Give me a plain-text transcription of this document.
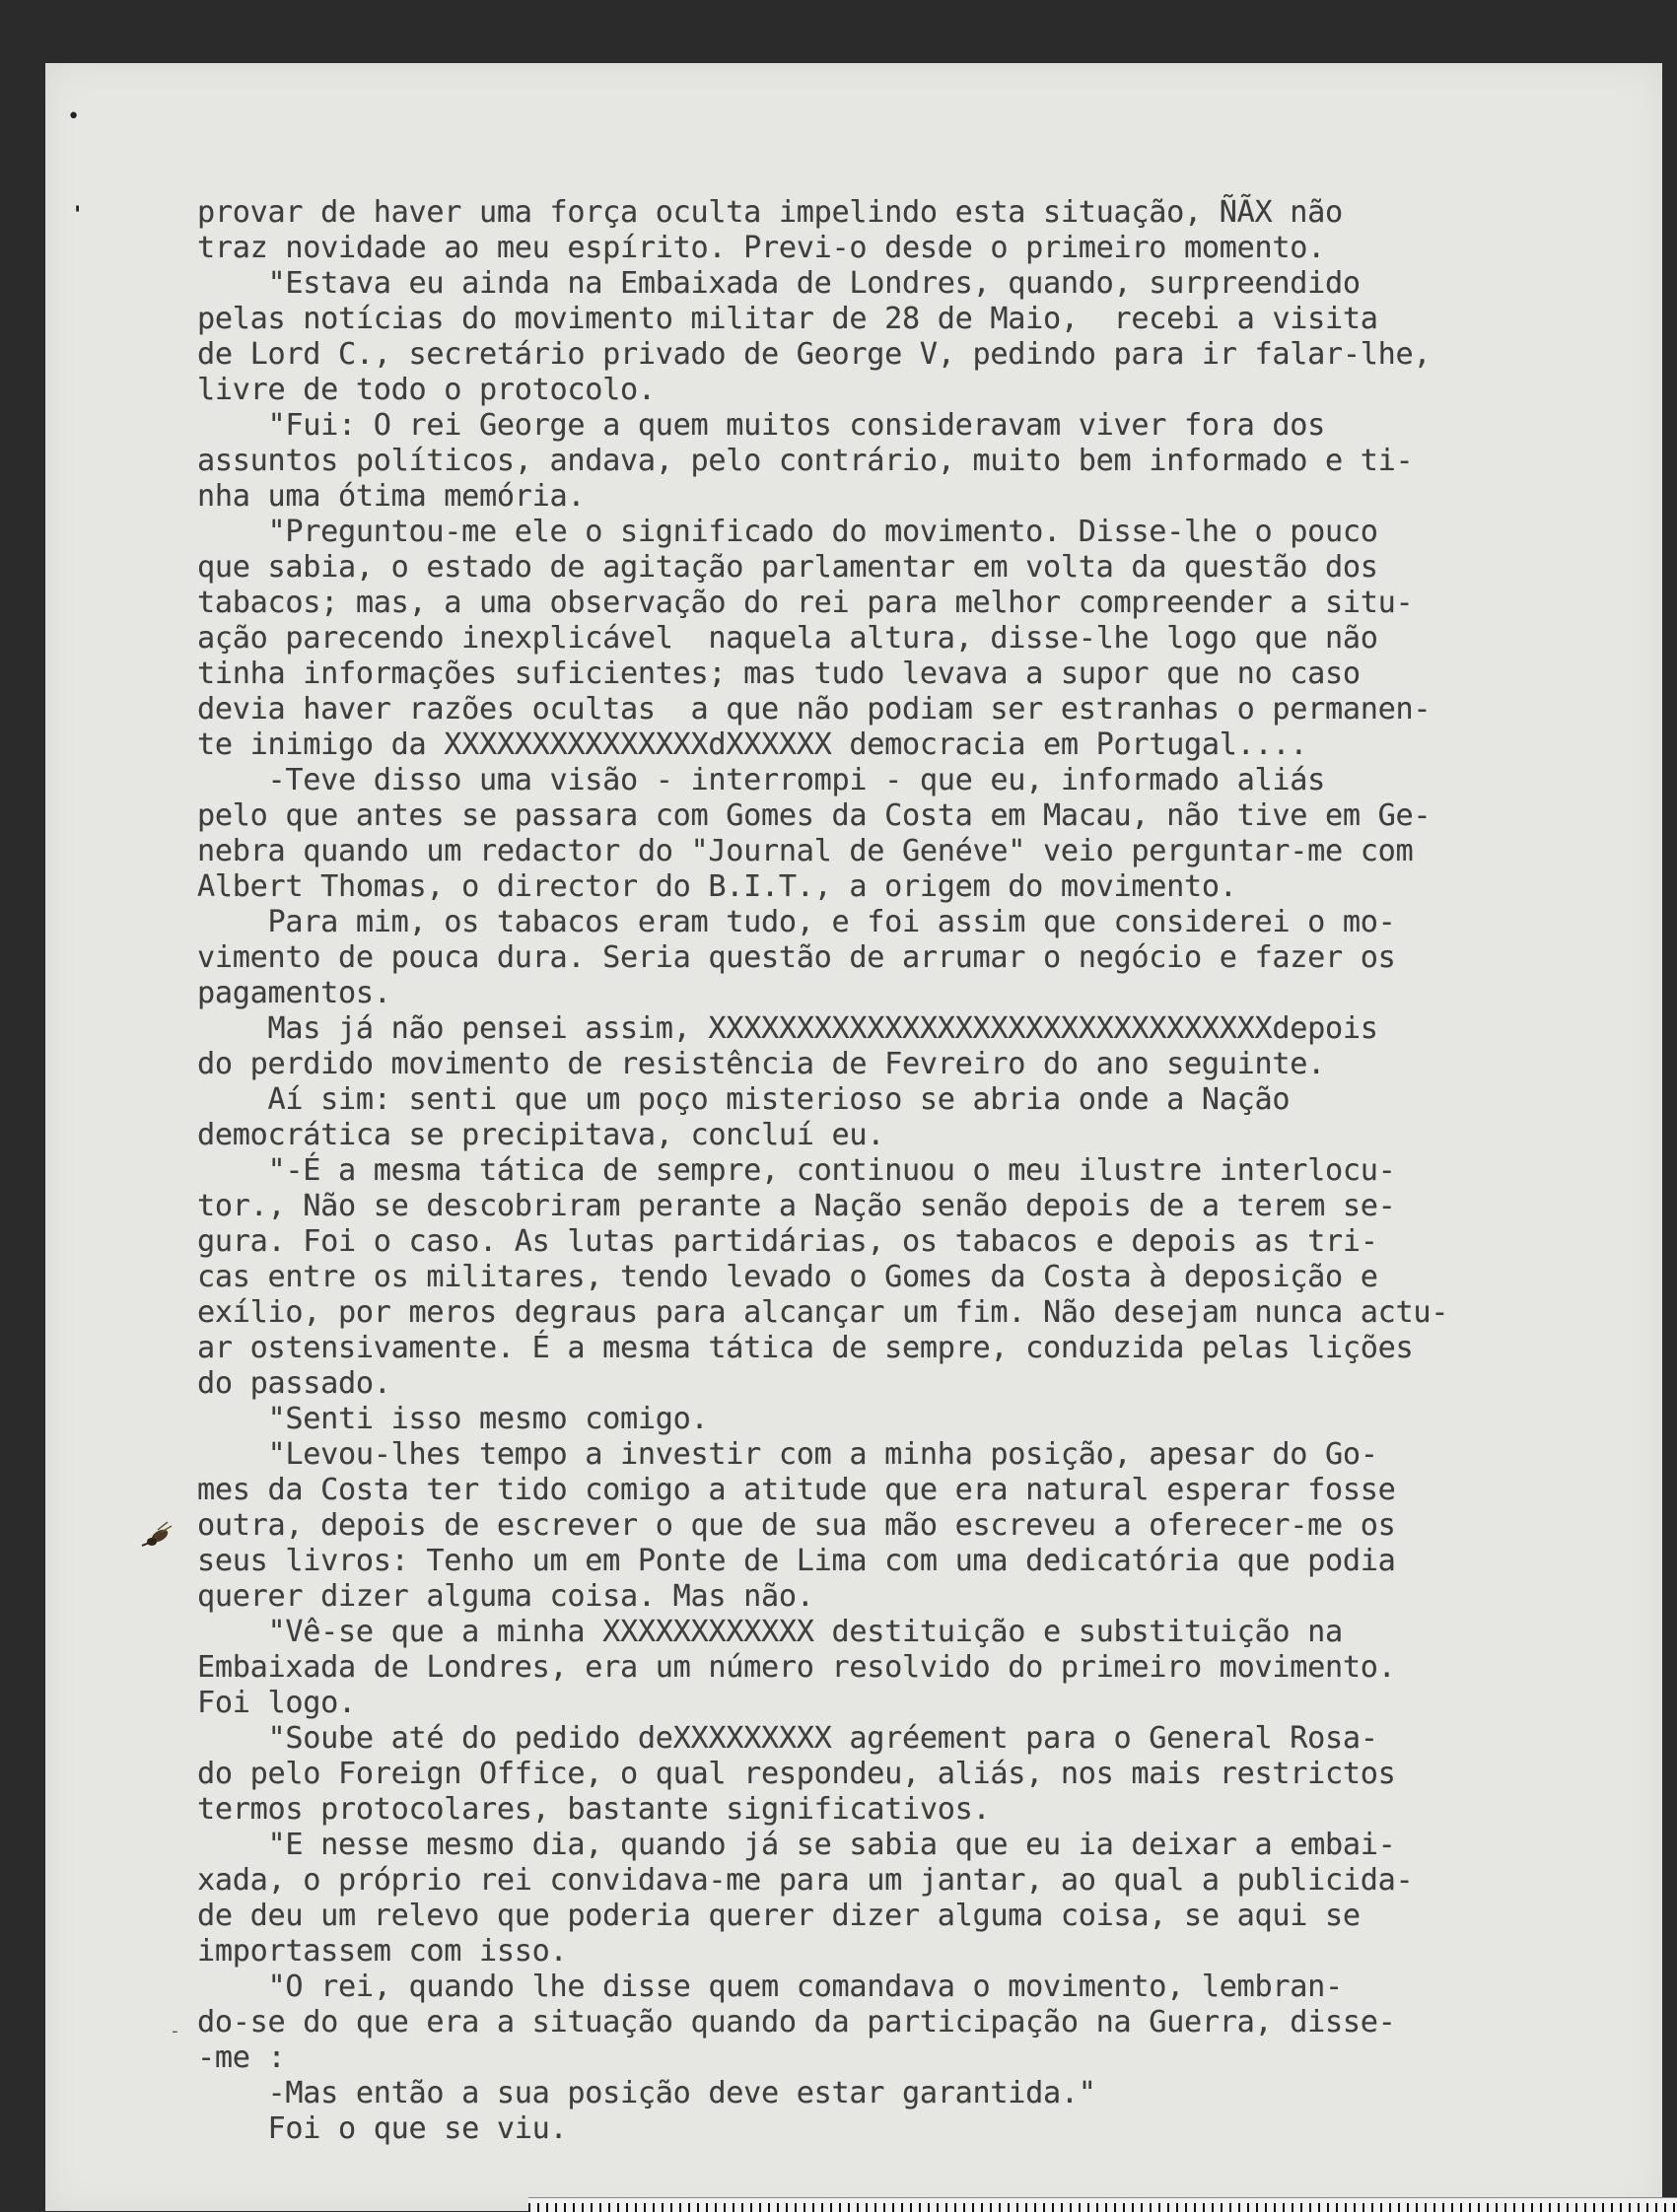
•
'
-
provar de haver uma força oculta impelindo esta situação, ÑÃX não
traz novidade ao meu espírito. Previ-o desde o primeiro momento.
"Estava eu ainda na Embaixada de Londres, quando, surpreendido
pelas notícias do movimento militar de 28 de Maio,  recebi a visita
de Lord C., secretário privado de George V, pedindo para ir falar-lhe,
livre de todo o protocolo.
"Fui: O rei George a quem muitos consideravam viver fora dos
assuntos políticos, andava, pelo contrário, muito bem informado e ti-
nha uma ótima memória.
"Preguntou-me ele o significado do movimento. Disse-lhe o pouco
que sabia, o estado de agitação parlamentar em volta da questão dos
tabacos; mas, a uma observação do rei para melhor compreender a situ-
ação parecendo inexplicável  naquela altura, disse-lhe logo que não
tinha informações suficientes; mas tudo levava a supor que no caso
devia haver razões ocultas  a que não podiam ser estranhas o permanen-
te inimigo da XXXXXXXXXXXXXXXdXXXXXX democracia em Portugal....
-Teve disso uma visão - interrompi - que eu, informado aliás
pelo que antes se passara com Gomes da Costa em Macau, não tive em Ge-
nebra quando um redactor do "Journal de Genéve" veio perguntar-me com
Albert Thomas, o director do B.I.T., a origem do movimento.
Para mim, os tabacos eram tudo, e foi assim que considerei o mo-
vimento de pouca dura. Seria questão de arrumar o negócio e fazer os
pagamentos.
Mas já não pensei assim, XXXXXXXXXXXXXXXXXXXXXXXXXXXXXXXXdepois
do perdido movimento de resistência de Fevreiro do ano seguinte.
Aí sim: senti que um poço misterioso se abria onde a Nação
democrática se precipitava, concluí eu.
"-É a mesma tática de sempre, continuou o meu ilustre interlocu-
tor., Não se descobriram perante a Nação senão depois de a terem se-
gura. Foi o caso. As lutas partidárias, os tabacos e depois as tri-
cas entre os militares, tendo levado o Gomes da Costa à deposição e
exílio, por meros degraus para alcançar um fim. Não desejam nunca actu-
ar ostensivamente. É a mesma tática de sempre, conduzida pelas lições
do passado.
"Senti isso mesmo comigo.
"Levou-lhes tempo a investir com a minha posição, apesar do Go-
mes da Costa ter tido comigo a atitude que era natural esperar fosse
outra, depois de escrever o que de sua mão escreveu a oferecer-me os
seus livros: Tenho um em Ponte de Lima com uma dedicatória que podia
querer dizer alguma coisa. Mas não.
"Vê-se que a minha XXXXXXXXXXXX destituição e substituição na
Embaixada de Londres, era um número resolvido do primeiro movimento.
Foi logo.
"Soube até do pedido deXXXXXXXXX agréement para o General Rosa-
do pelo Foreign Office, o qual respondeu, aliás, nos mais restrictos
termos protocolares, bastante significativos.
"E nesse mesmo dia, quando já se sabia que eu ia deixar a embai-
xada, o próprio rei convidava-me para um jantar, ao qual a publicida-
de deu um relevo que poderia querer dizer alguma coisa, se aqui se
importassem com isso.
"O rei, quando lhe disse quem comandava o movimento, lembran-
do-se do que era a situação quando da participação na Guerra, disse-
-me :
-Mas então a sua posição deve estar garantida."
Foi o que se viu.
